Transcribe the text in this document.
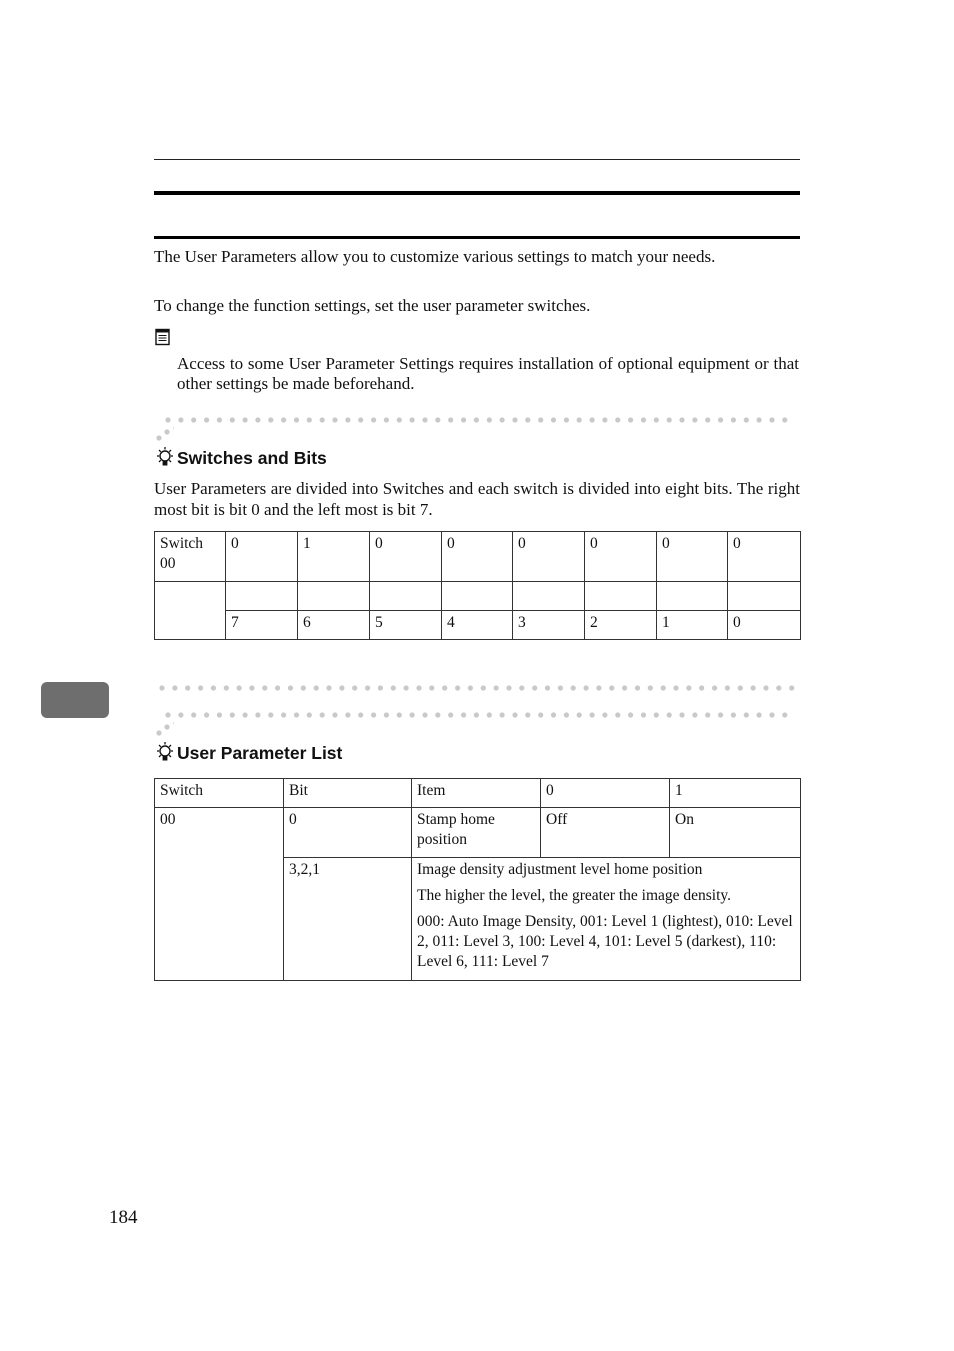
The User Parameters allow you to customize various settings to match your needs.
To change the function settings, set the user parameter switches.
Access to some User Parameter Settings requires installation of optional equipment or that other settings be made beforehand.
Switches and Bits
User Parameters are divided into Switches and each switch is divided into eight bits. The right most bit is bit 0 and the left most is bit 7.
Switch 00	0	1	0	0	0	0	0	0

	7	6	5	4	3	2	1	0
User Parameter List
Switch	Bit	Item	0	1
00	0	Stamp home position	Off	On
	3,2,1	Image density adjustment level home position
The higher the level, the greater the image density.
000: Auto Image Density, 001: Level 1 (lightest), 010: Level 2, 011: Level 3, 100: Level 4, 101: Level 5 (darkest), 110: Level 6, 111: Level 7		
184
